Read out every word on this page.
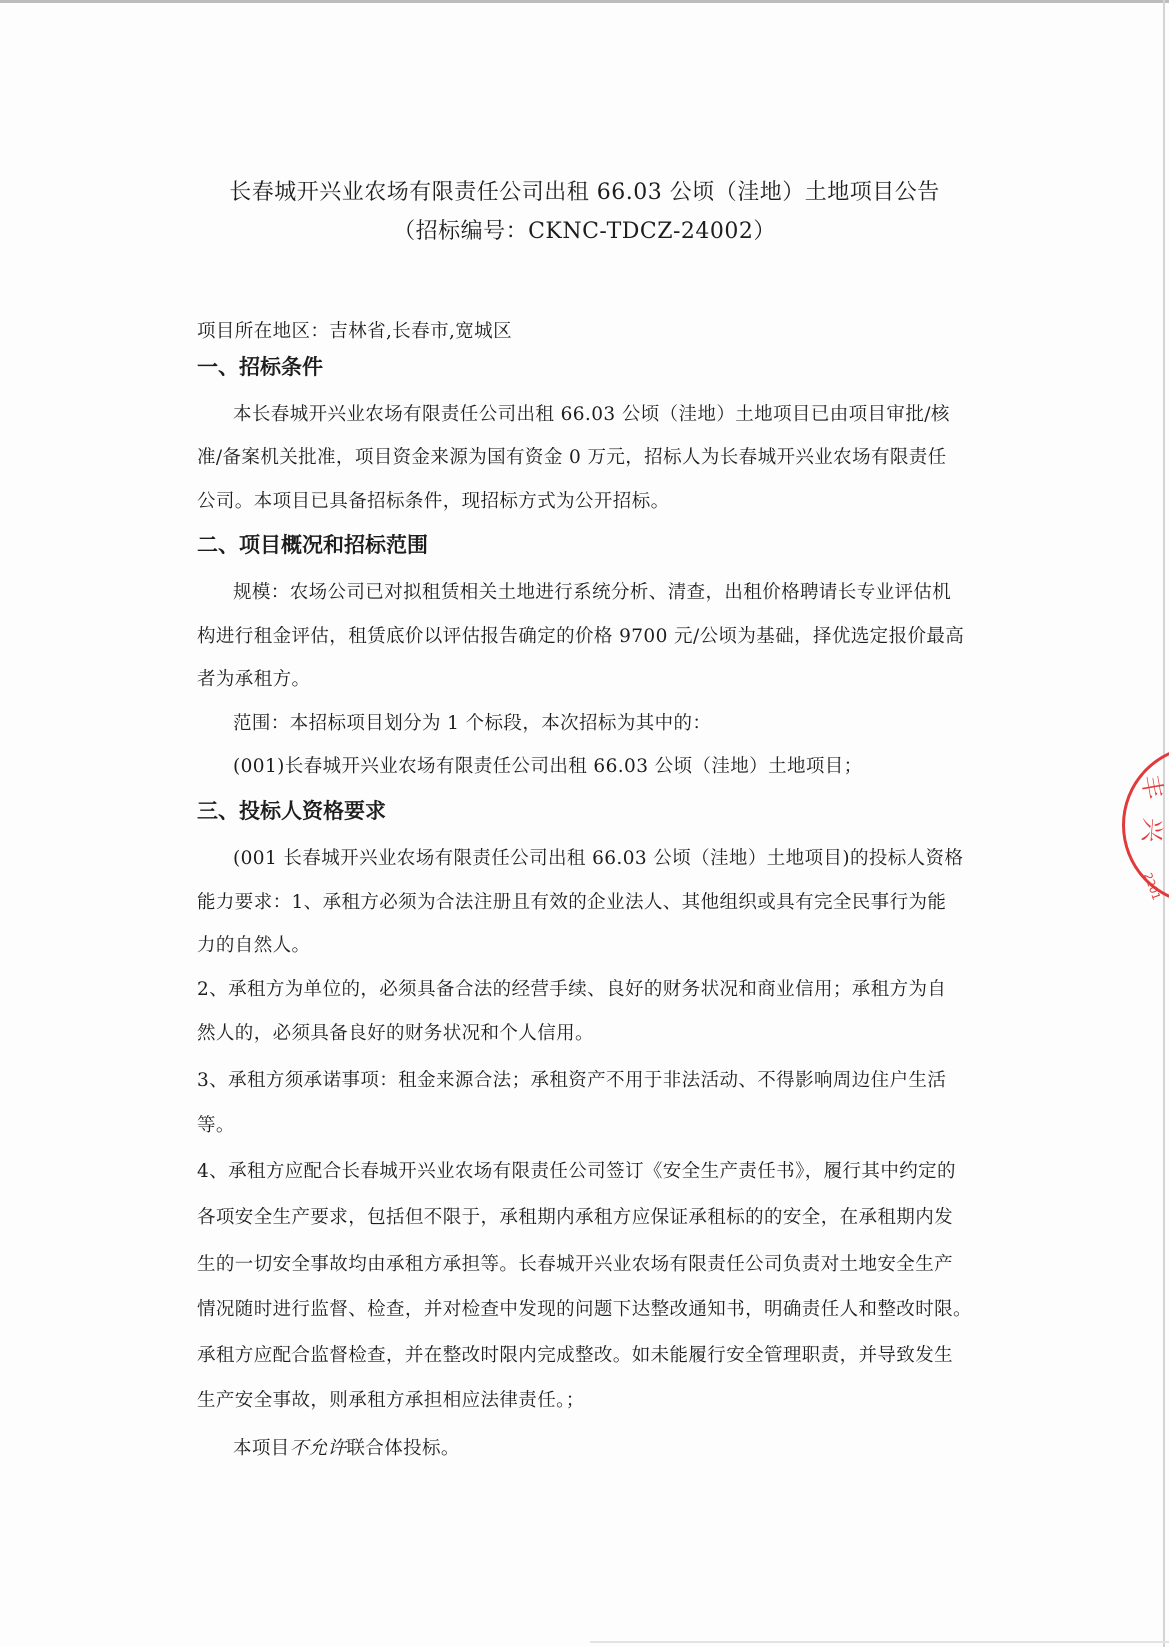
长春城开兴业农场有限责任公司出租 66.03 公顷（洼地）土地项目公告
（招标编号：CKNC-TDCZ-24002）
项目所在地区：吉林省,长春市,宽城区
一、招标条件
本长春城开兴业农场有限责任公司出租 66.03 公顷（洼地）土地项目已由项目审批/核
准/备案机关批准，项目资金来源为国有资金 0 万元，招标人为长春城开兴业农场有限责任
公司。本项目已具备招标条件，现招标方式为公开招标。
二、项目概况和招标范围
规模：农场公司已对拟租赁相关土地进行系统分析、清查，出租价格聘请长专业评估机
构进行租金评估，租赁底价以评估报告确定的价格 9700 元/公顷为基础，择优选定报价最高
者为承租方。
范围：本招标项目划分为 1 个标段，本次招标为其中的：
(001)长春城开兴业农场有限责任公司出租 66.03 公顷（洼地）土地项目；
三、投标人资格要求
(001 长春城开兴业农场有限责任公司出租 66.03 公顷（洼地）土地项目)的投标人资格
能力要求：1、承租方必须为合法注册且有效的企业法人、其他组织或具有完全民事行为能
力的自然人。
2、承租方为单位的，必须具备合法的经营手续、良好的财务状况和商业信用；承租方为自
然人的，必须具备良好的财务状况和个人信用。
3、承租方须承诺事项：租金来源合法；承租资产不用于非法活动、不得影响周边住户生活
等。
4、承租方应配合长春城开兴业农场有限责任公司签订《安全生产责任书》，履行其中约定的
各项安全生产要求，包括但不限于，承租期内承租方应保证承租标的的安全，在承租期内发
生的一切安全事故均由承租方承担等。长春城开兴业农场有限责任公司负责对土地安全生产
情况随时进行监督、检查，并对检查中发现的问题下达整改通知书，明确责任人和整改时限。
承租方应配合监督检查，并在整改时限内完成整改。如未能履行安全管理职责，并导致发生
生产安全事故，则承租方承担相应法律责任。；
本项目不允许联合体投标。
丰
兴
2201
